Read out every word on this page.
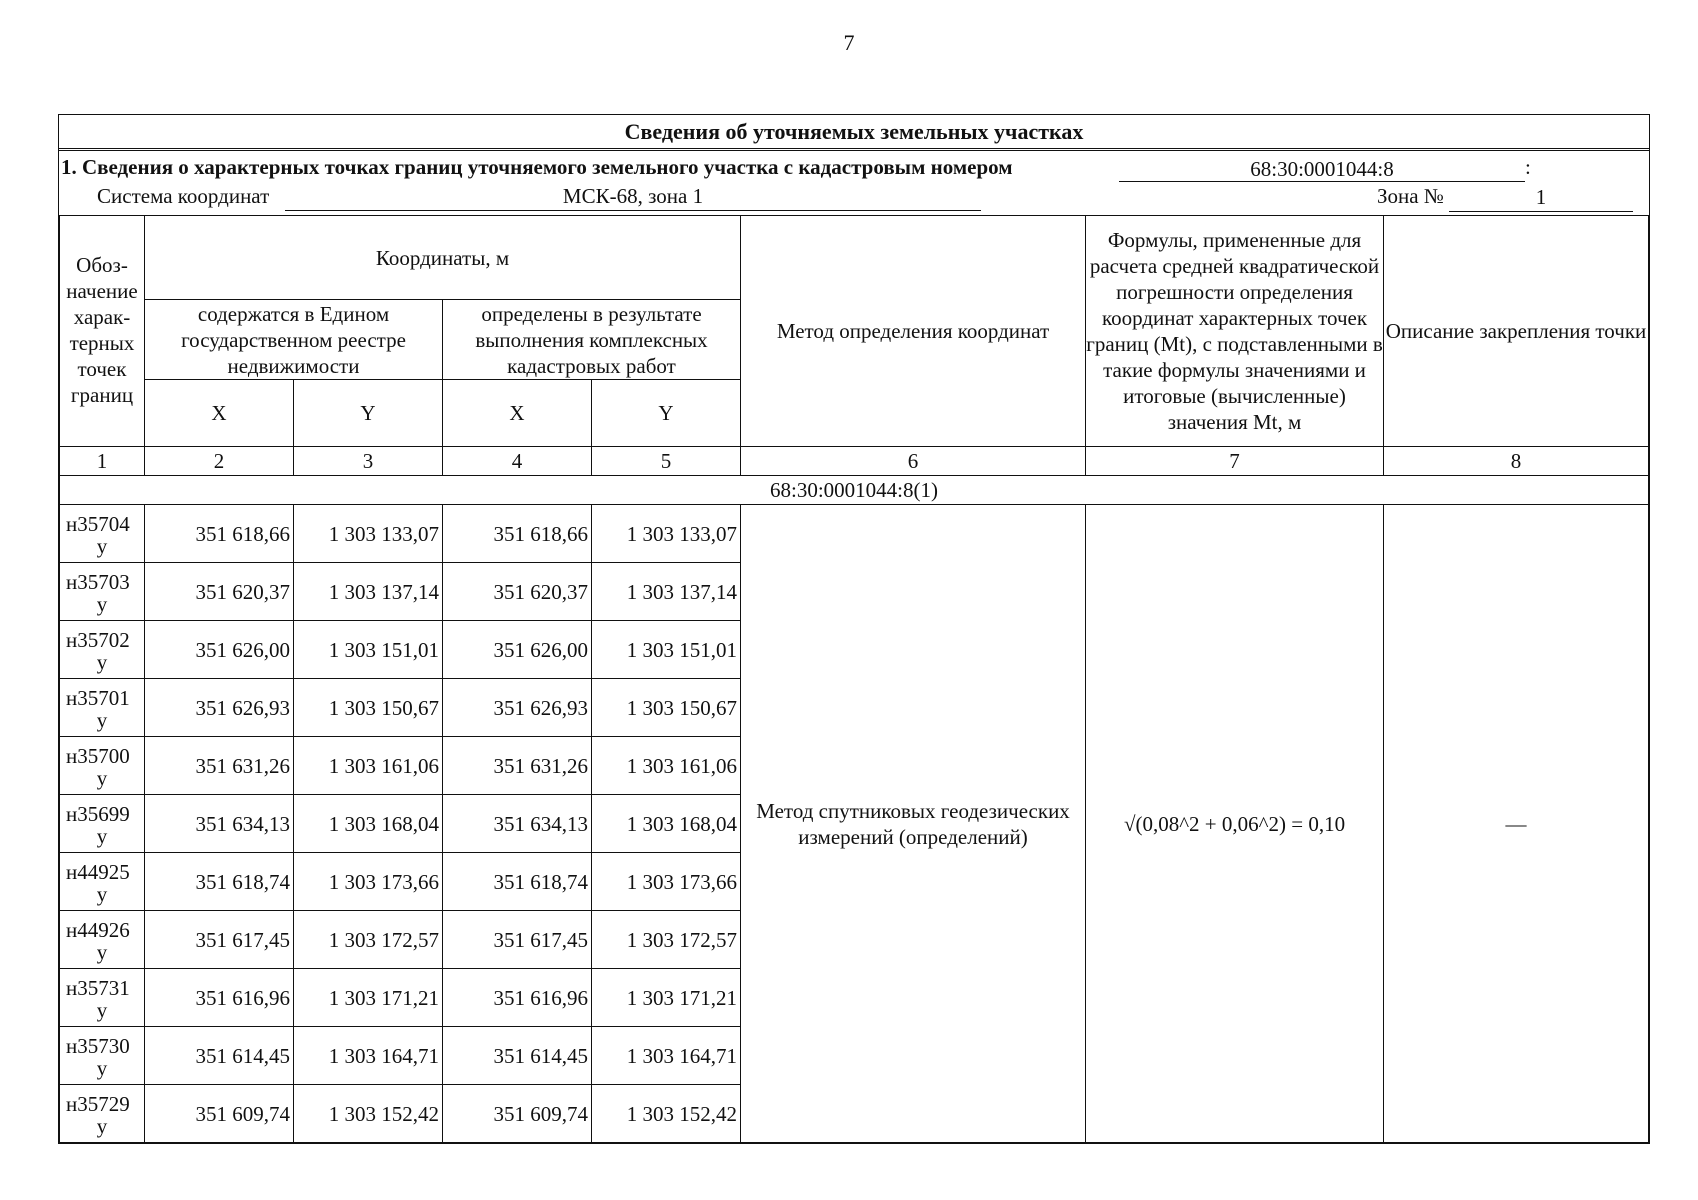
7
Сведения об уточняемых земельных участках
1. Сведения о характерных точках границ уточняемого земельного участка с кадастровым номером	68:30:0001044:8	:
Система координат	МСК-68, зона 1	Зона №	1
Обоз-начение харак-терных точек границ	Координаты, м				Метод определения координат	Формулы, примененные для расчета средней квадратической погрешности определения координат характерных точек границ (Mt), с подставленными в такие формулы значениями и итоговые (вычисленные) значения Mt, м	Описание закрепления точки
	содержатся в Едином государственном реестре недвижимости		определены в результате выполнения комплексных кадастровых работ				
	X	Y	X	Y			
1	2	3	4	5	6	7	8
68:30:0001044:8(1)							

н35704
у	351 618,66	1 303 133,07	351 618,66	1 303 133,07	Метод спутниковых геодезических измерений (определений)	√(0,08^2 + 0,06^2) = 0,10	—

н35703
у	351 620,37	1 303 137,14	351 620,37	1 303 137,14			

н35702
у	351 626,00	1 303 151,01	351 626,00	1 303 151,01			

н35701
у	351 626,93	1 303 150,67	351 626,93	1 303 150,67			

н35700
у	351 631,26	1 303 161,06	351 631,26	1 303 161,06			

н35699
у	351 634,13	1 303 168,04	351 634,13	1 303 168,04			

н44925
у	351 618,74	1 303 173,66	351 618,74	1 303 173,66			

н44926
у	351 617,45	1 303 172,57	351 617,45	1 303 172,57			

н35731
у	351 616,96	1 303 171,21	351 616,96	1 303 171,21			

н35730
у	351 614,45	1 303 164,71	351 614,45	1 303 164,71			

н35729
у	351 609,74	1 303 152,42	351 609,74	1 303 152,42			
